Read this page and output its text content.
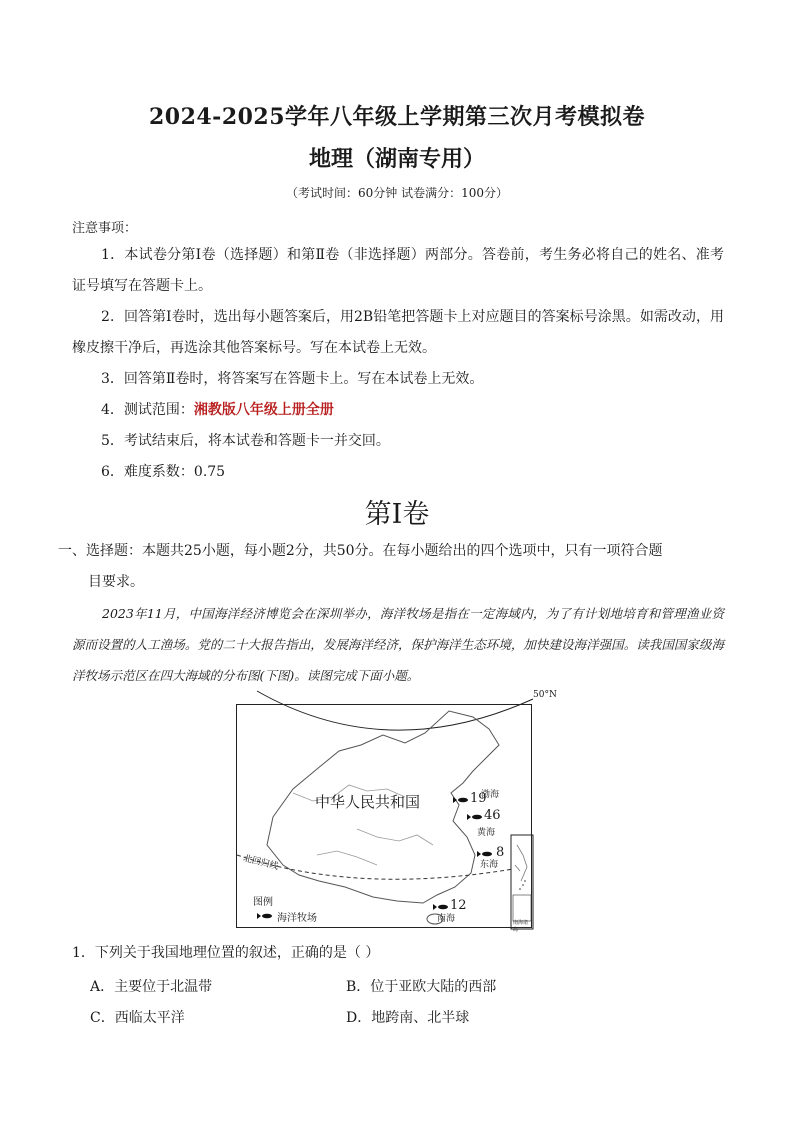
2024-2025学年八年级上学期第三次月考模拟卷
地理（湖南专用）
（考试时间：60分钟 试卷满分：100分）
注意事项：
1．本试卷分第Ⅰ卷（选择题）和第Ⅱ卷（非选择题）两部分。答卷前，考生务必将自己的姓名、准考证号填写在答题卡上。
2．回答第Ⅰ卷时，选出每小题答案后，用2B铅笔把答题卡上对应题目的答案标号涂黑。如需改动，用橡皮擦干净后，再选涂其他答案标号。写在本试卷上无效。
3．回答第Ⅱ卷时，将答案写在答题卡上。写在本试卷上无效。
4．测试范围：湘教版八年级上册全册
5．考试结束后，将本试卷和答题卡一并交回。
6．难度系数：0.75
第Ⅰ卷
一、选择题：本题共25小题，每小题2分，共50分。在每小题给出的四个选项中，只有一项符合题
目要求。
2023年11月，中国海洋经济博览会在深圳举办，海洋牧场是指在一定海域内，为了有计划地培育和管理渔业资源而设置的人工渔场。党的二十大报告指出，发展海洋经济，保护海洋生态环境，加快建设海洋强国。读我国国家级海洋牧场示范区在四大海域的分布图(下图)。读图完成下面小题。
50°N
中华人民共和国
北回归线
渤海
19
46
黄海
东海
8
12
南海	南海诸岛
图例
海洋牧场
1．下列关于我国地理位置的叙述，正确的是（ ）
A．主要位于北温带	B．位于亚欧大陆的西部
C．西临太平洋	D．地跨南、北半球
